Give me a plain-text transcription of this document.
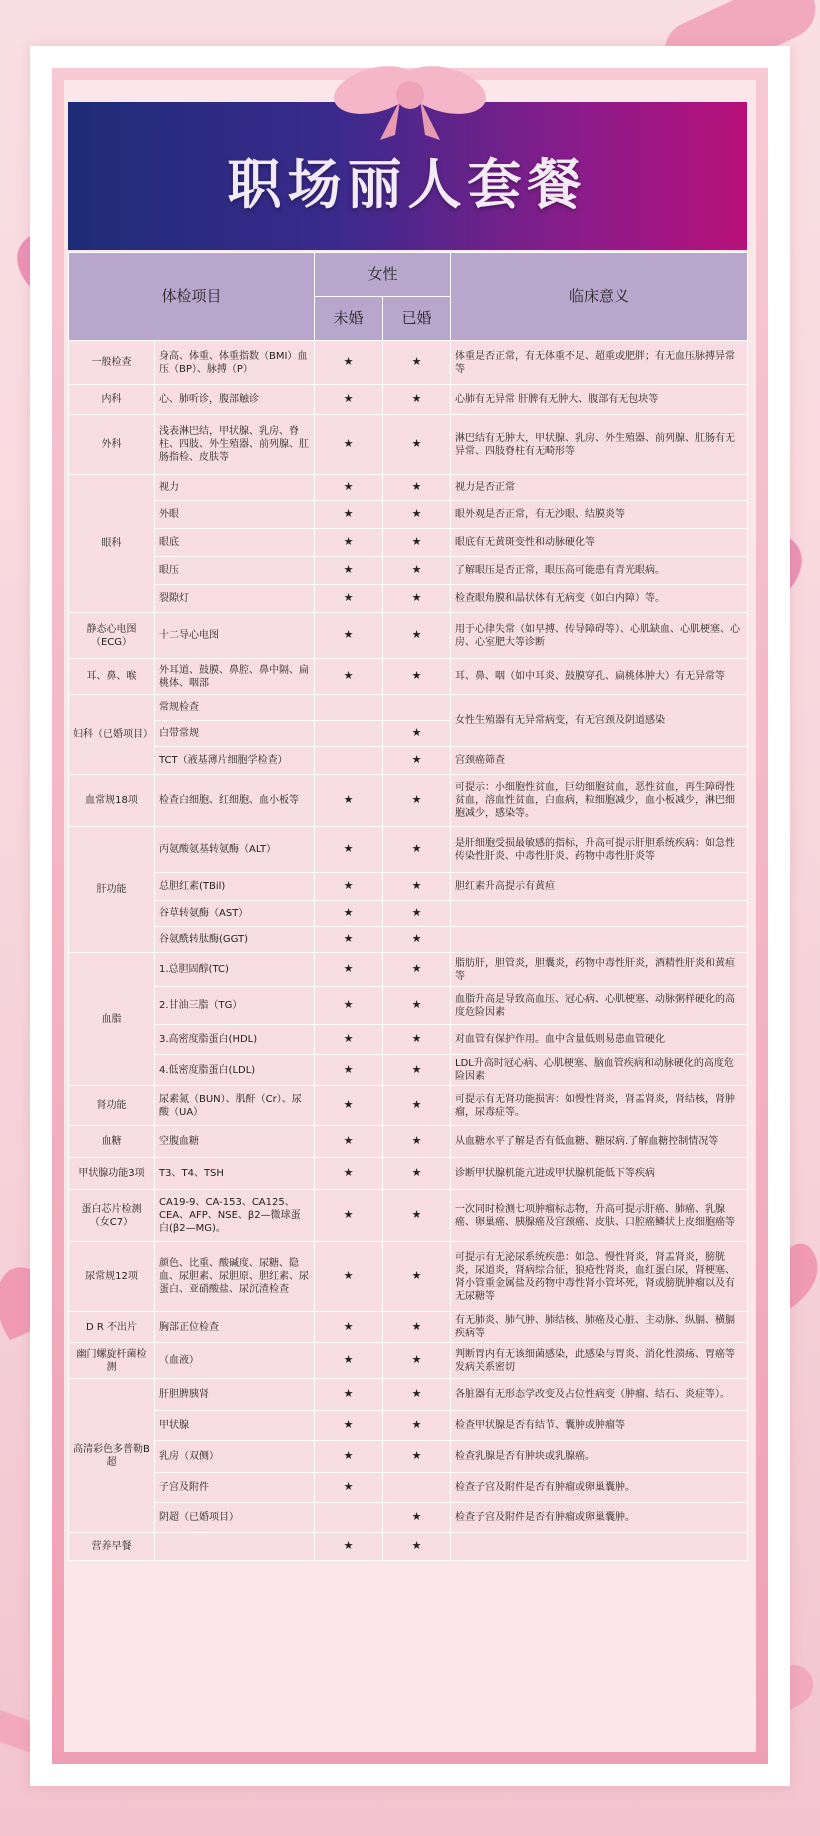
职场丽人套餐
体检项目		女性		临床意义
		未婚	已婚	
一般检查	身高、体重、体重指数（BMI）血压（BP）、脉搏（P）	★	★	体重是否正常，有无体重不足、超重或肥胖；有无血压脉搏异常等
内科	心、肺听诊，腹部触诊	★	★	心肺有无异常 肝脾有无肿大、腹部有无包块等
外科	浅表淋巴结，甲状腺、乳房、脊柱、四肢、外生殖器、前列腺、肛肠指检、皮肤等	★	★	淋巴结有无肿大，甲状腺、乳房、外生殖器、前列腺、肛肠有无异常、四肢脊柱有无畸形等
眼科	视力	★	★	视力是否正常
	外眼	★	★	眼外观是否正常，有无沙眼、结膜炎等
	眼底	★	★	眼底有无黄斑变性和动脉硬化等
	眼压	★	★	了解眼压是否正常，眼压高可能患有青光眼病。
	裂隙灯	★	★	检查眼角膜和晶状体有无病变（如白内障）等。
静态心电图（ECG）	十二导心电图	★	★	用于心律失常（如早搏、传导障碍等）、心肌缺血、心肌梗塞、心房、心室肥大等诊断
耳、鼻、喉	外耳道、鼓膜、鼻腔、鼻中隔、扁桃体、咽部	★	★	耳、鼻、咽（如中耳炎、鼓膜穿孔、扁桃体肿大）有无异常等
妇科（已婚项目）	常规检查			女性生殖器有无异常病变，有无宫颈及阴道感染
	白带常规		★	
	TCT（液基薄片细胞学检查）		★	宫颈癌筛查
血常规18项	检查白细胞、红细胞、血小板等	★	★	可提示：小细胞性贫血，巨幼细胞贫血，恶性贫血，再生障碍性贫血，溶血性贫血，白血病，粒细胞减少，血小板减少，淋巴细胞减少，感染等。
肝功能	丙氨酸氨基转氨酶（ALT）	★	★	是肝细胞受损最敏感的指标，升高可提示肝胆系统疾病：如急性传染性肝炎、中毒性肝炎、药物中毒性肝炎等
	总胆红素(TBil)	★	★	胆红素升高提示有黄疸
	谷草转氨酶（AST）	★	★	
	谷氨酰转肽酶(GGT)	★	★	
血脂	1.总胆固醇(TC)	★	★	脂肪肝，胆管炎，胆囊炎，药物中毒性肝炎，酒精性肝炎和黄疸等
	2.甘油三脂（TG）	★	★	血脂升高是导致高血压、冠心病、心肌梗塞、动脉粥样硬化的高度危险因素
	3.高密度脂蛋白(HDL)	★	★	对血管有保护作用。血中含量低则易患血管硬化
	4.低密度脂蛋白(LDL)	★	★	LDL升高时冠心病、心肌梗塞、脑血管疾病和动脉硬化的高度危险因素
肾功能	尿素氮（BUN）、肌酐（Cr）、尿酸（UA）	★	★	可提示有无肾功能损害：如慢性肾炎，肾盂肾炎，肾结核，肾肿瘤，尿毒症等。
血糖	空腹血糖	★	★	从血糖水平了解是否有低血糖、糖尿病.了解血糖控制情况等
甲状腺功能3项	T3、T4、TSH	★	★	诊断甲状腺机能亢进或甲状腺机能低下等疾病
蛋白芯片检测（女C7）	CA19-9、CA-153、CA125、CEA、AFP、NSE、β2—微球蛋白(β2—MG)。	★	★	一次同时检测七项肿瘤标志物，升高可提示肝癌、肺癌、乳腺癌、卵巢癌、胰腺癌及宫颈癌、皮肤、口腔癌鳞状上皮细胞癌等
尿常规12项	颜色、比重、酸碱度、尿糖、隐血、尿胆素、尿胆原、胆红素、尿蛋白、亚硝酸盐、尿沉渣检查	★	★	可提示有无泌尿系统疾患：如急、慢性肾炎，肾盂肾炎，膀胱炎，尿道炎，肾病综合征，狼疮性肾炎，血红蛋白尿，肾梗塞、肾小管重金属盐及药物中毒性肾小管坏死，肾或膀胱肿瘤以及有无尿糖等
D R 不出片	胸部正位检查	★	★	有无肺炎、肺气肿、肺结核、肺癌及心脏、主动脉、纵膈、横膈疾病等
幽门螺旋杆菌检测	（血液）	★	★	判断胃内有无该细菌感染，此感染与胃炎、消化性溃疡、胃癌等发病关系密切
高清彩色多普勒B超	肝胆脾胰肾	★	★	各脏器有无形态学改变及占位性病变（肿瘤、结石、炎症等）。
	甲状腺	★	★	检查甲状腺是否有结节、囊肿或肿瘤等
	乳房（双侧）	★	★	检查乳腺是否有肿块或乳腺癌。
	子宫及附件	★		检查子宫及附件是否有肿瘤或卵巢囊肿。
	阴超（已婚项目）		★	检查子宫及附件是否有肿瘤或卵巢囊肿。
营养早餐		★	★	
